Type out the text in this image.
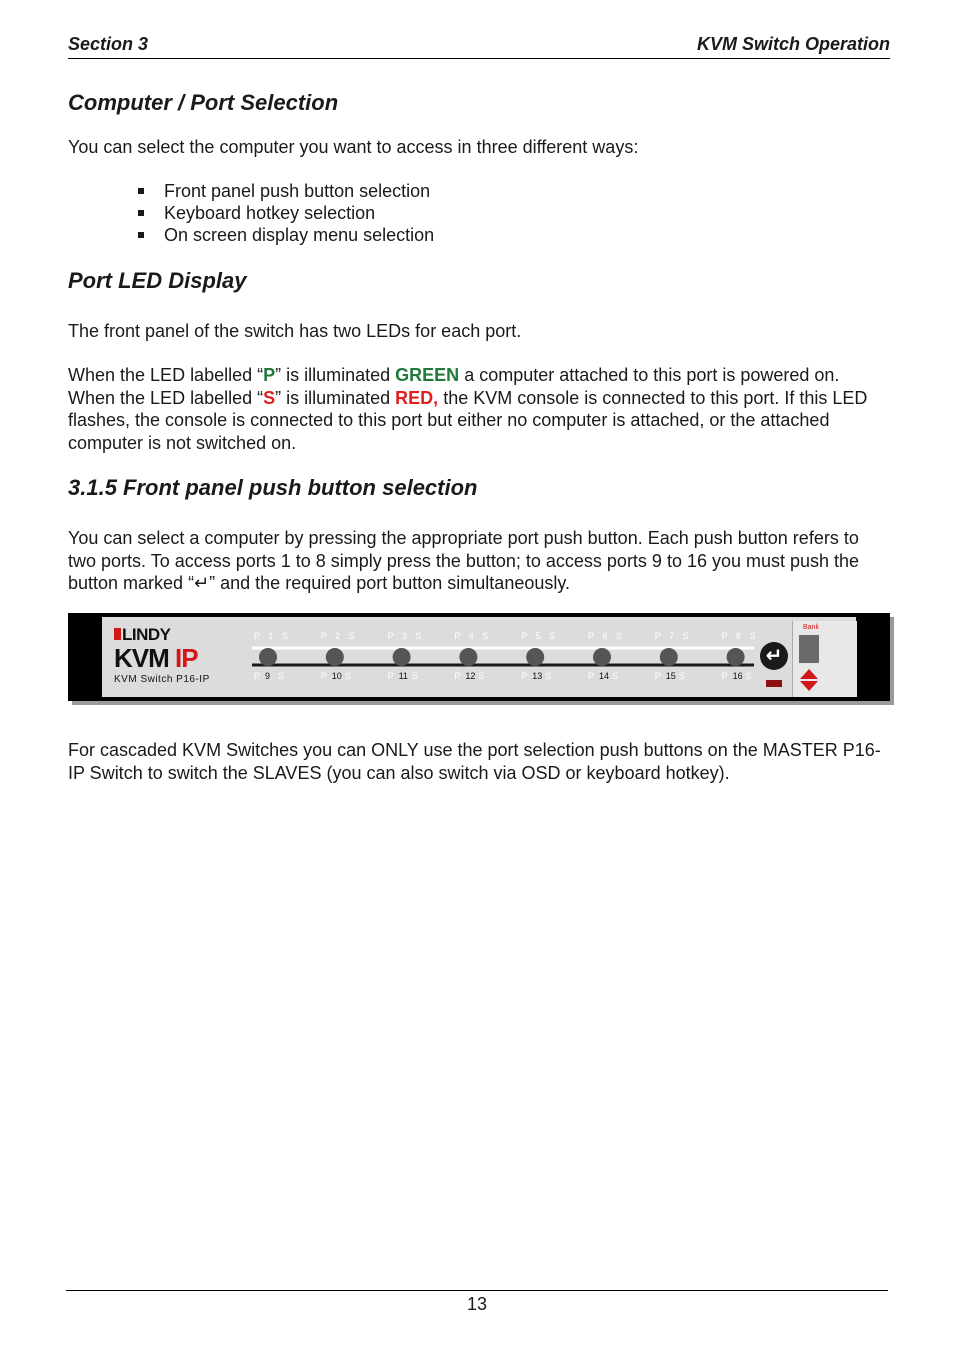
Section 3	KVM Switch Operation
Computer / Port Selection

You can select the computer you want to access in three different ways:

Front panel push button selection
Keyboard hotkey selection
On screen display menu selection
Port LED Display

The front panel of the switch has two LEDs for each port.

When the LED labelled “P” is illuminated GREEN a computer attached to this port is powered on. When the LED labelled “S” is illuminated RED, the KVM console is connected to this port. If this LED flashes, the console is connected to this port but either no computer is attached, or the attached computer is not switched on.

3.1.5 Front panel push button selection

You can select a computer by pressing the appropriate port push button. Each push button refers to two ports. To access ports 1 to 8 simply press the button; to access ports 9 to 16 you must push the button marked “↵” and the required port button simultaneously.

LINDY
KVM IP
KVM Switch P16-IP
P 1 S
P 9 S
P 2 S
P 10 S
P 3 S
P 11 S
P 4 S
P 12 S
P 5 S
P 13 S
P 6 S
P 14 S
P 7 S
P 15 S
P 8 S
P 16 S
↵
Bank

For cascaded KVM Switches you can ONLY use the port selection push buttons on the MASTER P16-IP Switch to switch the SLAVES (you can also switch via OSD or keyboard hotkey).

13
